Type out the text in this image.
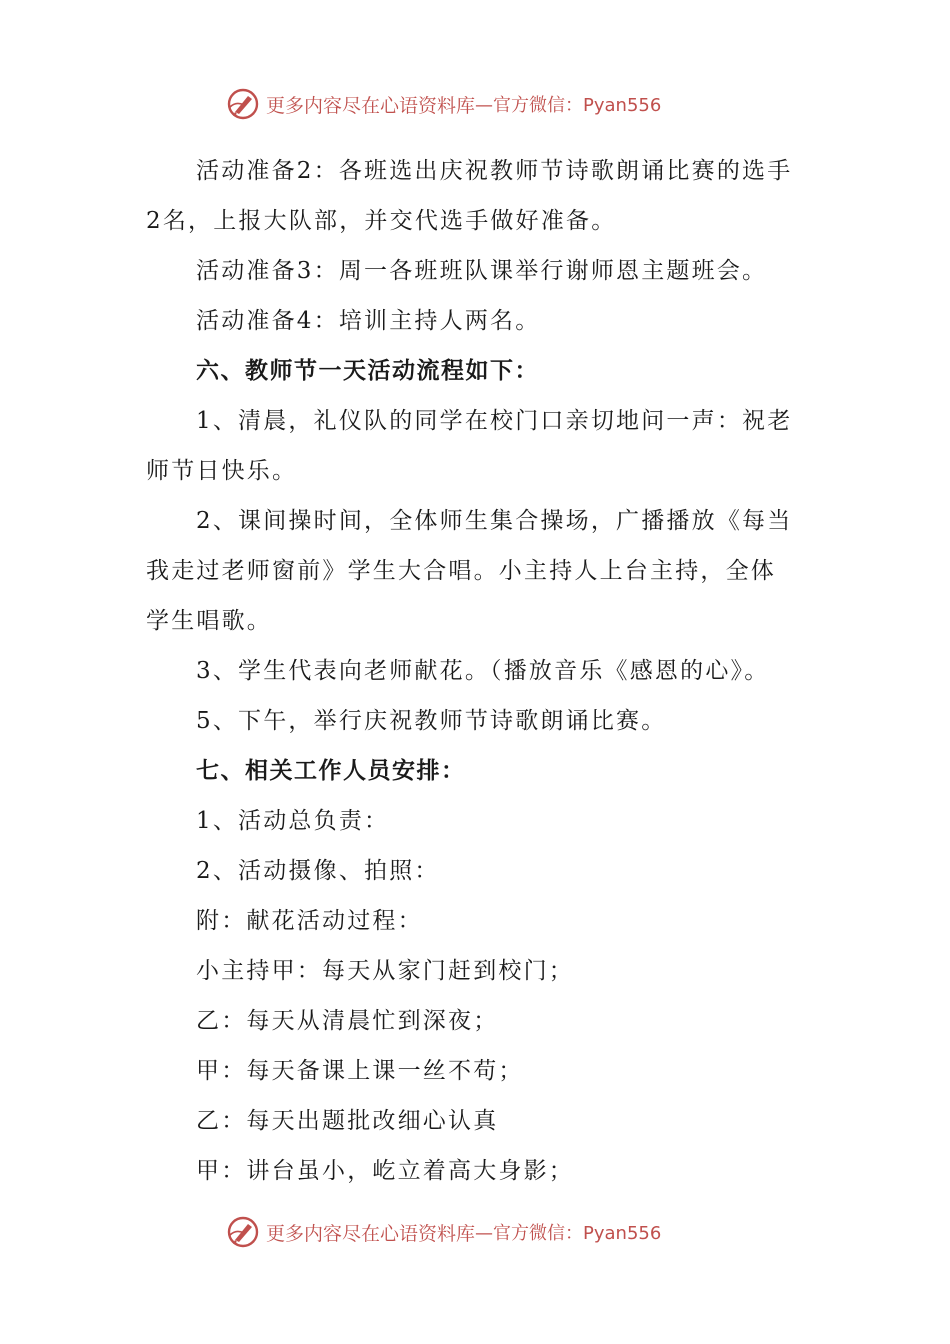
更多内容尽在心语资料库 —官方微信：Pyan556

活动准备2：各班选出庆祝教师节诗歌朗诵比赛的选手

2名，上报大队部，并交代选手做好准备。

活动准备3：周一各班班队课举行谢师恩主题班会。

活动准备4：培训主持人两名。

六、教师节一天活动流程如下：

1、清晨，礼仪队的同学在校门口亲切地问一声：祝老

师节日快乐。

2、课间操时间，全体师生集合操场，广播播放《每当

我走过老师窗前》学生大合唱。小主持人上台主持，全体

学生唱歌。

3、学生代表向老师献花。（播放音乐《感恩的心》。

5、下午，举行庆祝教师节诗歌朗诵比赛。

七、相关工作人员安排：

1、活动总负责：

2、活动摄像、拍照：

附：献花活动过程：

小主持甲：每天从家门赶到校门；

乙：每天从清晨忙到深夜；

甲：每天备课上课一丝不苟；

乙：每天出题批改细心认真

甲：讲台虽小，屹立着高大身影；

更多内容尽在心语资料库 —官方微信：Pyan556
